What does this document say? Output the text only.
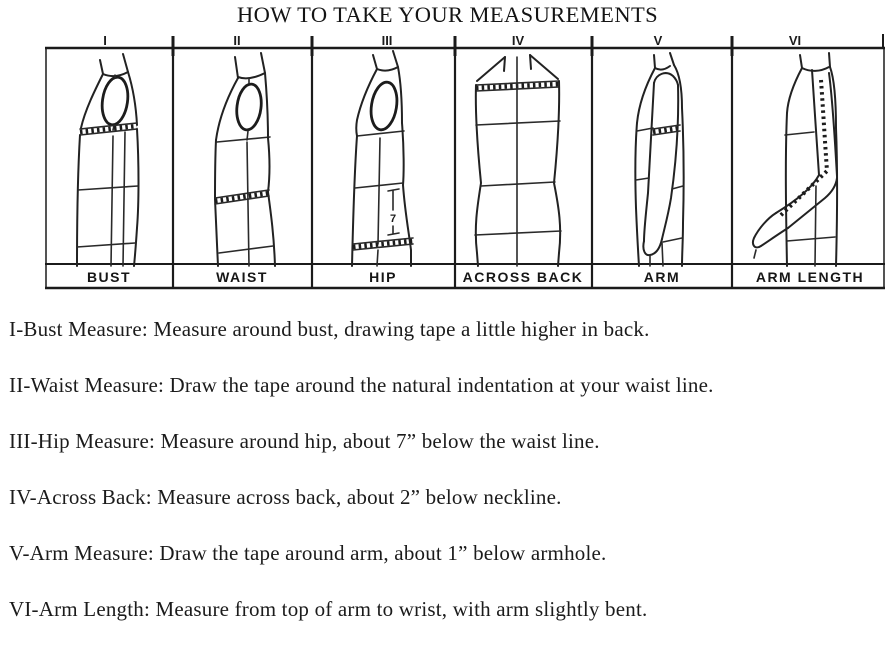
HOW TO TAKE YOUR MEASUREMENTS
I
BUST
II
WAIST
III
7
HIP
IV
ACROSS BACK
V
ARM
VI
ARM LENGTH

I-Bust Measure: Measure around bust, drawing tape a little higher in back.

II-Waist Measure: Draw the tape around the natural indentation at your waist line.

III-Hip Measure: Measure around hip, about 7” below the waist line.

IV-Across Back: Measure across back, about 2” below neckline.

V-Arm Measure: Draw the tape around arm, about 1” below armhole.

VI-Arm Length: Measure from top of arm to wrist, with arm slightly bent.
